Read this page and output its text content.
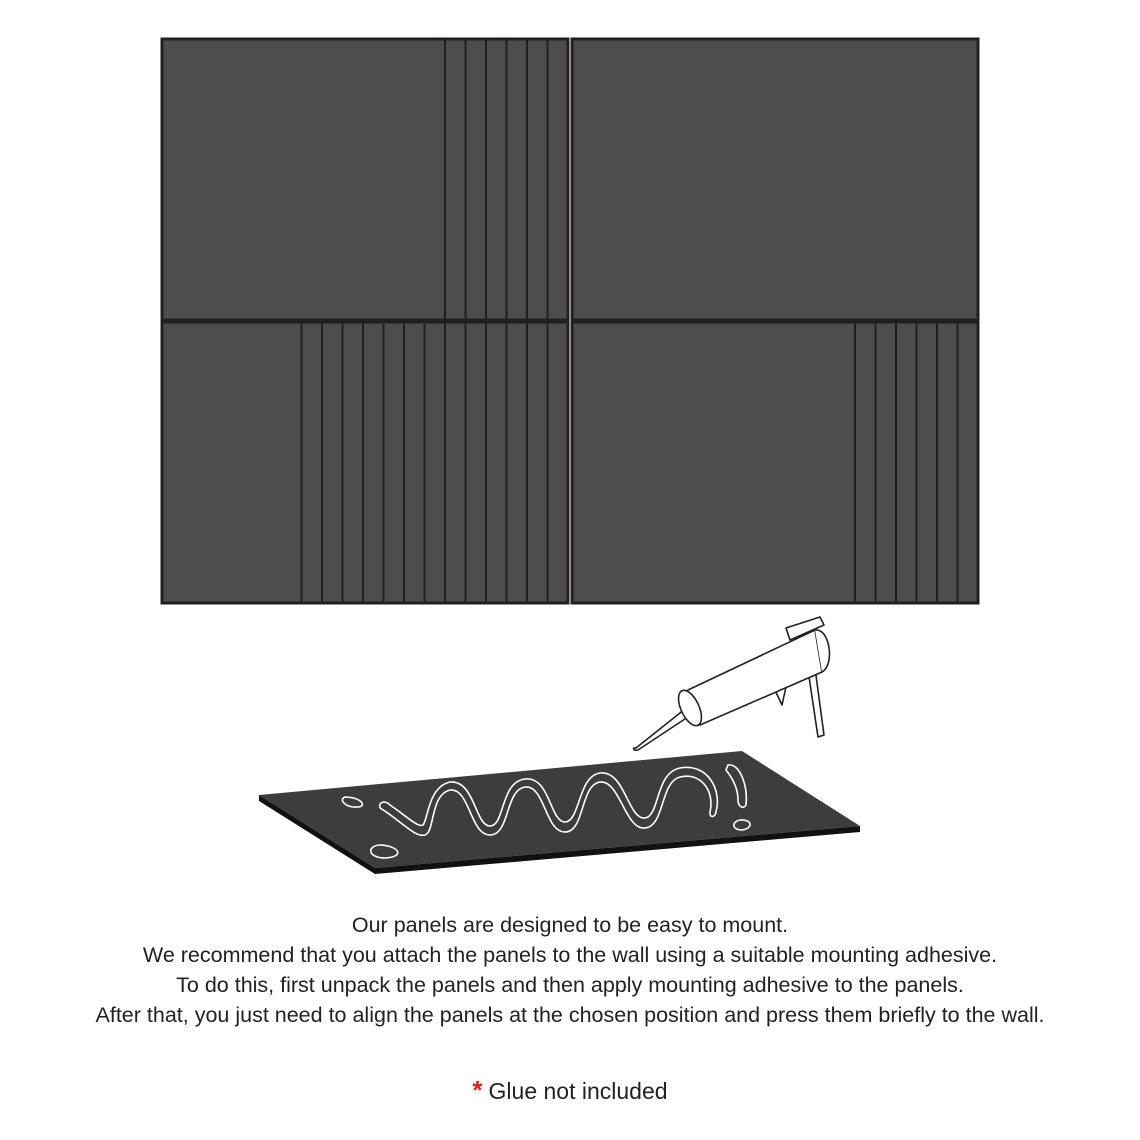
Our panels are designed to be easy to mount.
We recommend that you attach the panels to the wall using a suitable mounting adhesive.
To do this, first unpack the panels and then apply mounting adhesive to the panels.
After that, you just need to align the panels at the chosen position and press them briefly to the wall.
* Glue not included
